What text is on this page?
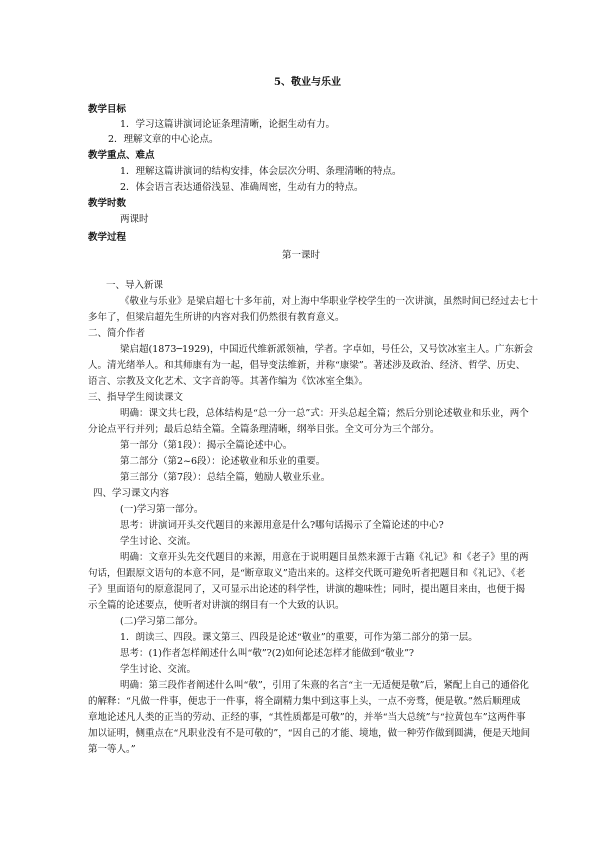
5、敬业与乐业
教学目标
1．学习这篇讲演词论证条理清晰，论据生动有力。
2．理解文章的中心论点。
教学重点、难点
1．理解这篇讲演词的结构安排，体会层次分明、条理清晰的特点。
2．体会语言表达通俗浅显、准确周密，生动有力的特点。
教学时数
两课时
教学过程
第一课时
一、导入新课
《敬业与乐业》是梁启超七十多年前，对上海中华职业学校学生的一次讲演，虽然时间已经过去七十
多年了，但梁启超先生所讲的内容对我们仍然很有教育意义。
二、简介作者
梁启超(1873─1929)，中国近代维新派领袖，学者。字卓如，号任公，又号饮冰室主人。广东新会
人。清光绪举人。和其师康有为一起，倡导变法维新，并称“康梁”。著述涉及政治、经济、哲学、历史、
语言、宗教及文化艺术、文字音韵等。其著作编为《饮冰室全集》。
三、指导学生阅读课文
明确：课文共七段，总体结构是“总一分一总”式：开头总起全篇；然后分别论述敬业和乐业，两个
分论点平行并列；最后总结全篇。全篇条理清晰，纲举目张。全文可分为三个部分。
第一部分（第1段）：揭示全篇论述中心。
第二部分（第2~6段）：论述敬业和乐业的重要。
第三部分（第7段）：总结全篇，勉励人敬业乐业。
四、学习课文内容
(一)学习第一部分。
思考：讲演词开头交代题目的来源用意是什么?哪句话揭示了全篇论述的中心?
学生讨论、交流。
明确：文章开头先交代题目的来源，用意在于说明题目虽然来源于古籍《礼记》和《老子》里的两
句话，但跟原文语句的本意不同，是“断章取义”造出来的。这样交代既可避免听者把题目和《礼记》、《老
子》里面语句的原意混同了，又可显示出论述的科学性，讲演的趣味性；同时，提出题目来由，也便于揭
示全篇的论述要点，使听者对讲演的纲目有一个大致的认识。
(二)学习第二部分。
1．朗读三、四段。课文第三、四段是论述“敬业”的重要，可作为第二部分的第一层。
思考：(1)作者怎样阐述什么叫“敬”?(2)如何论述怎样才能做到“敬业”?
学生讨论、交流。
明确：第三段作者阐述什么叫“敬”，引用了朱熹的名言“主一无适便是敬”后，紧配上自己的通俗化
的解释：“凡做一件事，便忠于一件事，将全副精力集中到这事上头，一点不旁骛，便是敬。”然后顺理成
章地论述凡人类的正当的劳动、正经的事，“其性质都是可敬”的，并举“当大总统”与“拉黄包车”这两件事
加以证明，侧重点在“凡职业没有不是可敬的”，“因自己的才能、境地，做一种劳作做到圆满，便是天地间
第一等人。”
